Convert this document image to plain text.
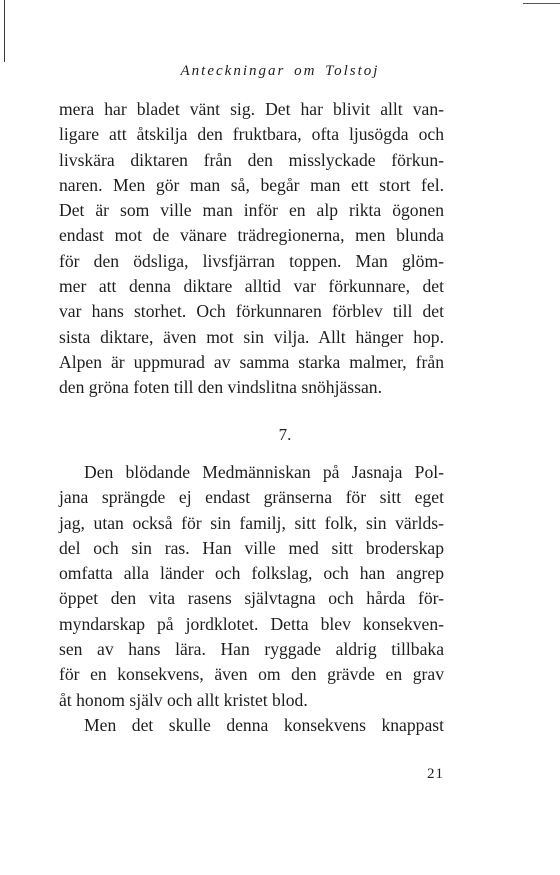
Anteckningar om Tolstoj
mera har bladet vänt sig. Det har blivit allt van-
ligare att åtskilja den fruktbara, ofta ljusögda och
livskära diktaren från den misslyckade förkun-
naren. Men gör man så, begår man ett stort fel.
Det är som ville man inför en alp rikta ögonen
endast mot de vänare trädregionerna, men blunda
för den ödsliga, livsfjärran toppen. Man glöm-
mer att denna diktare alltid var förkunnare, det
var hans storhet. Och förkunnaren förblev till det
sista diktare, även mot sin vilja. Allt hänger hop.
Alpen är uppmurad av samma starka malmer, från
den gröna foten till den vindslitna snöhjässan.
7.
Den blödande Medmänniskan på Jasnaja Pol-
jana sprängde ej endast gränserna för sitt eget
jag, utan också för sin familj, sitt folk, sin världs-
del och sin ras. Han ville med sitt broderskap
omfatta alla länder och folkslag, och han angrep
öppet den vita rasens självtagna och hårda för-
myndarskap på jordklotet. Detta blev konsekven-
sen av hans lära. Han ryggade aldrig tillbaka
för en konsekvens, även om den grävde en grav
åt honom själv och allt kristet blod.
Men det skulle denna konsekvens knappast
21
